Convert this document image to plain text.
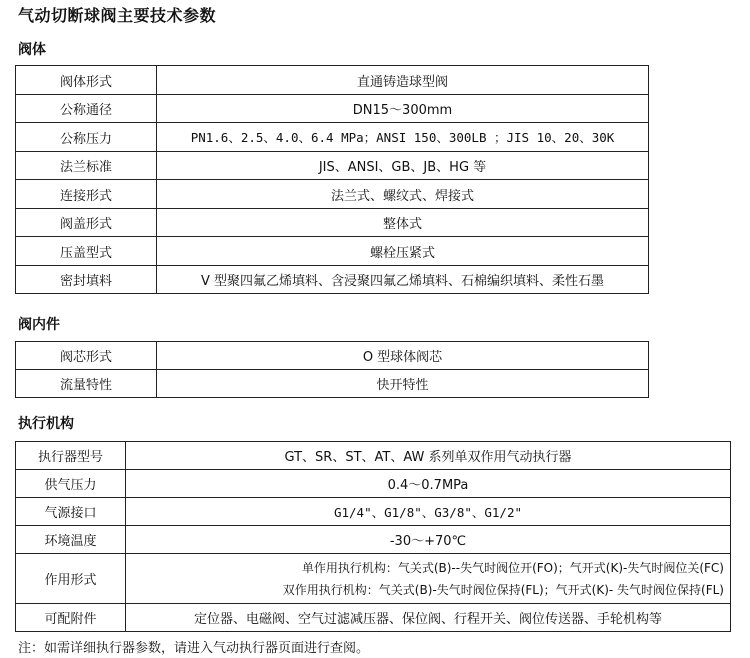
气动切断球阀主要技术参数
阀体
阀体形式	直通铸造球型阀
公称通径	DN15～300mm
公称压力	PN1.6、2.5、4.0、6.4 MPa；ANSI 150、300LB ；JIS 10、20、30K
法兰标准	JIS、ANSI、GB、JB、HG 等
连接形式	法兰式、螺纹式、焊接式
阀盖形式	整体式
压盖型式	螺栓压紧式
密封填料	V 型聚四氟乙烯填料、含浸聚四氟乙烯填料、石棉编织填料、柔性石墨
阀内件
阀芯形式	O 型球体阀芯
流量特性	快开特性
执行机构
执行器型号	GT、SR、ST、AT、AW 系列单双作用气动执行器
供气压力	0.4～0.7MPa
气源接口	G1/4"、G1/8"、G3/8"、G1/2"
环境温度	-30～+70℃
作用形式	单作用执行机构：气关式(B)--失气时阀位开(FO)；气开式(K)-失气时阀位关(FC)
双作用执行机构：气关式(B)-失气时阀位保持(FL)；气开式(K)- 失气时阀位保持(FL)

可配附件	定位器、电磁阀、空气过滤减压器、保位阀、行程开关、阀位传送器、手轮机构等
注：如需详细执行器参数，请进入气动执行器页面进行查阅。
